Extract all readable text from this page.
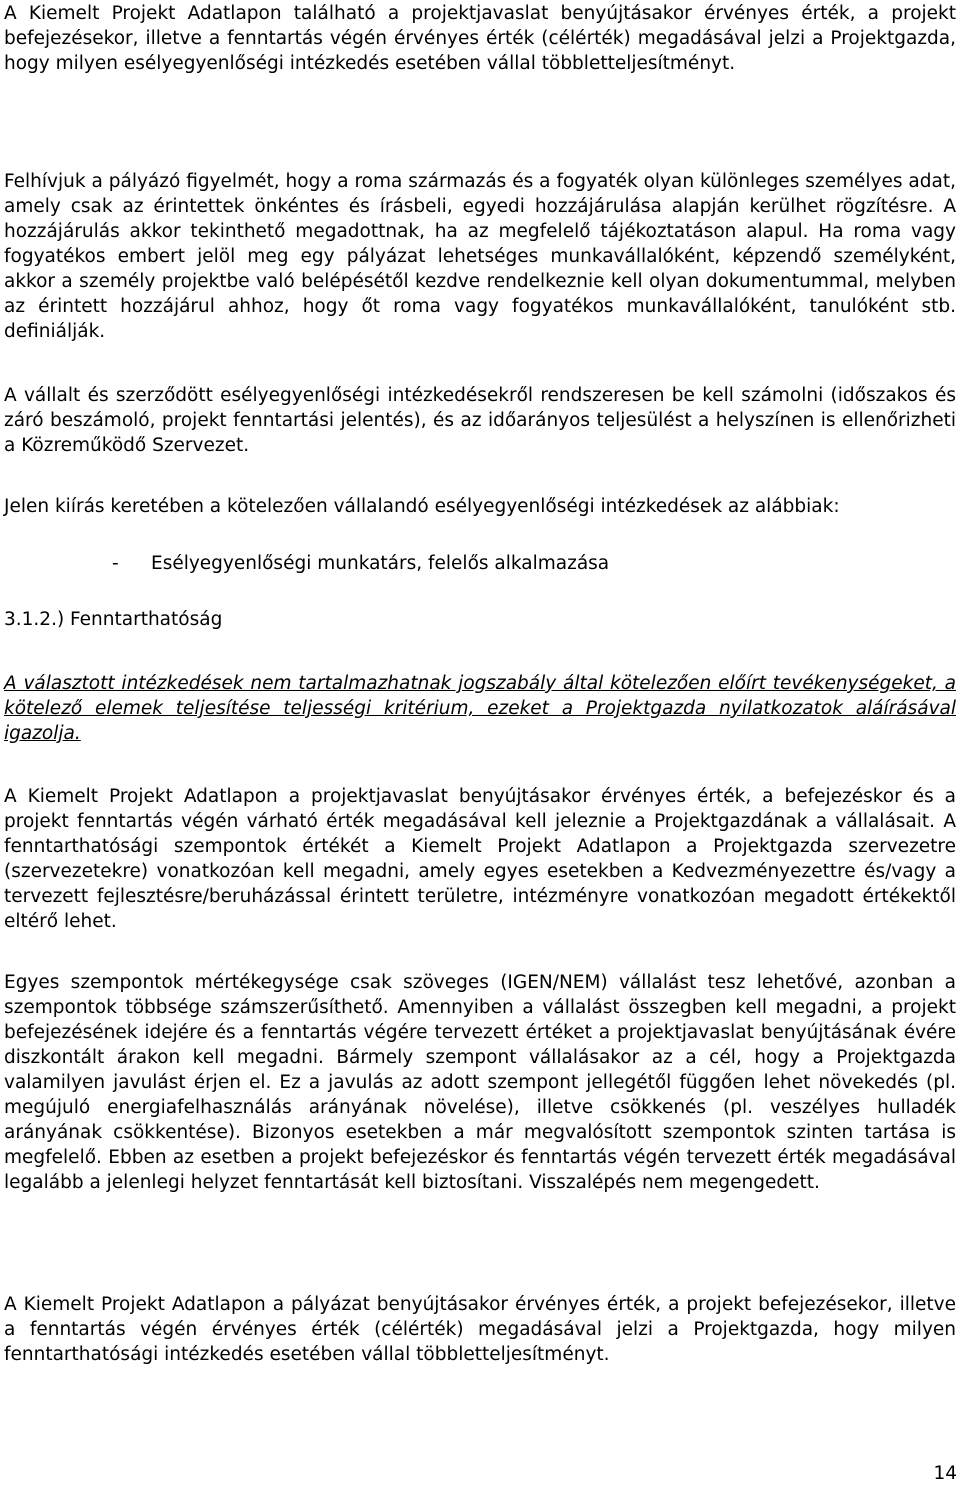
A Kiemelt Projekt Adatlapon található a projektjavaslat benyújtásakor érvényes érték, a projekt befejezésekor, illetve a fenntartás végén érvényes érték (célérték) megadásával jelzi a Projektgazda, hogy milyen esélyegyenlőségi intézkedés esetében vállal többletteljesítményt.

Felhívjuk a pályázó figyelmét, hogy a roma származás és a fogyaték olyan különleges személyes adat, amely csak az érintettek önkéntes és írásbeli, egyedi hozzájárulása alapján kerülhet rögzítésre. A hozzájárulás akkor tekinthető megadottnak, ha az megfelelő tájékoztatáson alapul. Ha roma vagy fogyatékos embert jelöl meg egy pályázat lehetséges munkavállalóként, képzendő személyként, akkor a személy projektbe való belépésétől kezdve rendelkeznie kell olyan dokumentummal, melyben az érintett hozzájárul ahhoz, hogy őt roma vagy fogyatékos munkavállalóként, tanulóként stb. definiálják.

A vállalt és szerződött esélyegyenlőségi intézkedésekről rendszeresen be kell számolni (időszakos és záró beszámoló, projekt fenntartási jelentés), és az időarányos teljesülést a helyszínen is ellenőrizheti a Közreműködő Szervezet.

Jelen kiírás keretében a kötelezően vállalandó esélyegyenlőségi intézkedések az alábbiak:

-	Esélyegyenlőségi munkatárs, felelős alkalmazása
3.1.2.) Fenntarthatóság

A választott intézkedések nem tartalmazhatnak jogszabály által kötelezően előírt tevékenységeket, a kötelező elemek teljesítése teljességi kritérium, ezeket a Projektgazda nyilatkozatok aláírásával igazolja.

A Kiemelt Projekt Adatlapon a projektjavaslat benyújtásakor érvényes érték, a befejezéskor és a projekt fenntartás végén várható érték megadásával kell jeleznie a Projektgazdának a vállalásait. A fenntarthatósági szempontok értékét a Kiemelt Projekt Adatlapon a Projektgazda szervezetre (szervezetekre) vonatkozóan kell megadni, amely egyes esetekben a Kedvezményezettre és/vagy a tervezett fejlesztésre/beruházással érintett területre, intézményre vonatkozóan megadott értékektől eltérő lehet.

Egyes szempontok mértékegysége csak szöveges (IGEN/NEM) vállalást tesz lehetővé, azonban a szempontok többsége számszerűsíthető. Amennyiben a vállalást összegben kell megadni, a projekt befejezésének idejére és a fenntartás végére tervezett értéket a projektjavaslat benyújtásának évére diszkontált árakon kell megadni. Bármely szempont vállalásakor az a cél, hogy a Projektgazda valamilyen javulást érjen el. Ez a javulás az adott szempont jellegétől függően lehet növekedés (pl. megújuló energiafelhasználás arányának növelése), illetve csökkenés (pl. veszélyes hulladék arányának csökkentése). Bizonyos esetekben a már megvalósított szempontok szinten tartása is megfelelő. Ebben az esetben a projekt befejezéskor és fenntartás végén tervezett érték megadásával legalább a jelenlegi helyzet fenntartását kell biztosítani. Visszalépés nem megengedett.

A Kiemelt Projekt Adatlapon a pályázat benyújtásakor érvényes érték, a projekt befejezésekor, illetve a fenntartás végén érvényes érték (célérték) megadásával jelzi a Projektgazda, hogy milyen fenntarthatósági intézkedés esetében vállal többletteljesítményt.

14
